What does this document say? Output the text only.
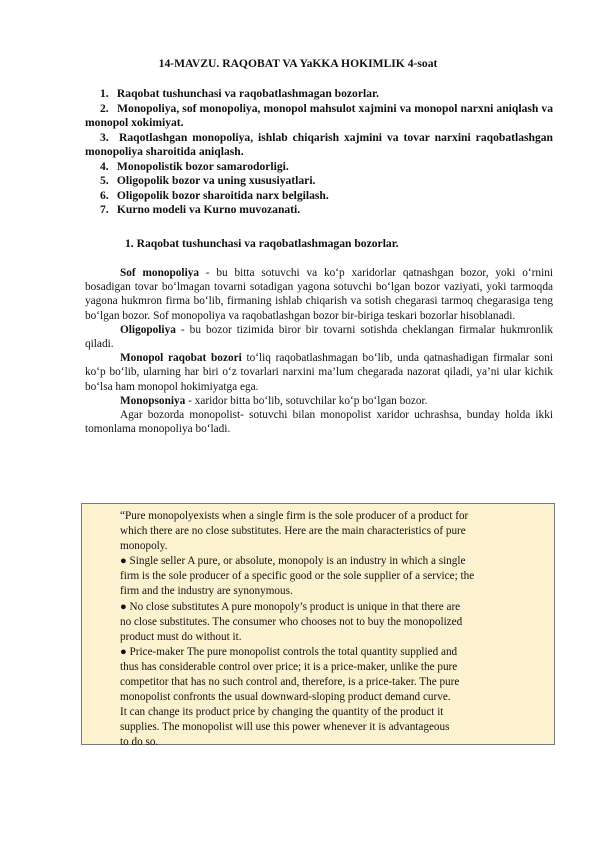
14-MAVZU. RAQOBAT VA YaKKA HOKIMLIK 4-soat
1. Raqobat tushunchasi va raqobatlashmagan bozorlar.
2. Monopoliya, sof monopoliya, monopol mahsulot xajmini va monopol narxni aniqlash va monopol xokimiyat.
3. Raqotlashgan monopoliya, ishlab chiqarish xajmini va tovar narxini raqobatlashgan monopoliya sharoitida aniqlash.
4. Monopolistik bozor samarodorligi.
5. Oligopolik bozor va uning xususiyatlari.
6. Oligopolik bozor sharoitida narx belgilash.
7. Kurno modeli va Kurno muvozanati.
1. Raqobat tushunchasi va raqobatlashmagan bozorlar.

Sof monopoliya - bu bitta sotuvchi va ko‘p xaridorlar qatnashgan bozor, yoki o‘rnini bosadigan tovar bo‘lmagan tovarni sotadigan yagona sotuvchi bo‘lgan bozor vaziyati, yoki tarmoqda yagona hukmron firma bo‘lib, firmaning ishlab chiqarish va sotish chegarasi tarmoq chegarasiga teng bo‘lgan bozor. Sof monopoliya va raqobatlashgan bozor bir-biriga teskari bozorlar hisoblanadi.

Oligopoliya - bu bozor tizimida biror bir tovarni sotishda cheklangan firmalar hukmronlik qiladi.

Monopol raqobat bozori to‘liq raqobatlashmagan bo‘lib, unda qatnashadigan firmalar soni ko‘p bo‘lib, ularning har biri o‘z tovarlari narxini ma’lum chegarada nazorat qiladi, ya’ni ular kichik bo‘lsa ham monopol hokimiyatga ega.

Monopsoniya - xaridor bitta bo‘lib, sotuvchilar ko‘p bo‘lgan bozor.

Agar bozorda monopolist- sotuvchi bilan monopolist xaridor uchrashsa, bunday holda ikki tomonlama monopoliya bo‘ladi.

“Pure monopolyexists when a single firm is the sole producer of a product for

which there are no close substitutes. Here are the main characteristics of pure

monopoly.

● Single seller A pure, or absolute, monopoly is an industry in which a single

firm is the sole producer of a specific good or the sole supplier of a service; the

firm and the industry are synonymous.

● No close substitutes A pure monopoly’s product is unique in that there are

no close substitutes. The consumer who chooses not to buy the monopolized

product must do without it.

● Price-maker The pure monopolist controls the total quantity supplied and

thus has considerable control over price; it is a price-maker, unlike the pure

competitor that has no such control and, therefore, is a price-taker. The pure

monopolist confronts the usual downward-sloping product demand curve.

It can change its product price by changing the quantity of the product it

supplies. The monopolist will use this power whenever it is advantageous

to do so.
